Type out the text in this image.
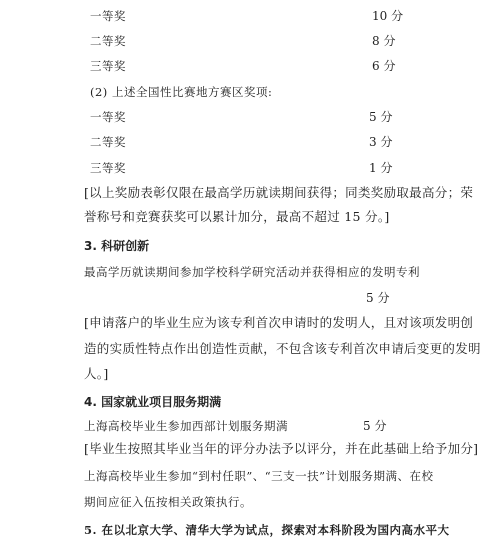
一等奖	10 分
二等奖	8 分
三等奖	6 分
(2) 上述全国性比赛地方赛区奖项:
一等奖	5 分
二等奖	3 分
三等奖	1 分
[以上奖励表彰仅限在最高学历就读期间获得；同类奖励取最高分；荣
誉称号和竞赛获奖可以累计加分，最高不超过 15 分。]
3. 科研创新
最高学历就读期间参加学校科学研究活动并获得相应的发明专利
5 分
[申请落户的毕业生应为该专利首次申请时的发明人，且对该项发明创
造的实质性特点作出创造性贡献，不包含该专利首次申请后变更的发明
人。]
4. 国家就业项目服务期满
上海高校毕业生参加西部计划服务期满	5 分
[毕业生按照其毕业当年的评分办法予以评分，并在此基础上给予加分]
上海高校毕业生参加“到村任职”、“三支一扶”计划服务期满、在校
期间应征入伍按相关政策执行。
5. 在以北京大学、清华大学为试点，探索对本科阶段为国内高水平大
